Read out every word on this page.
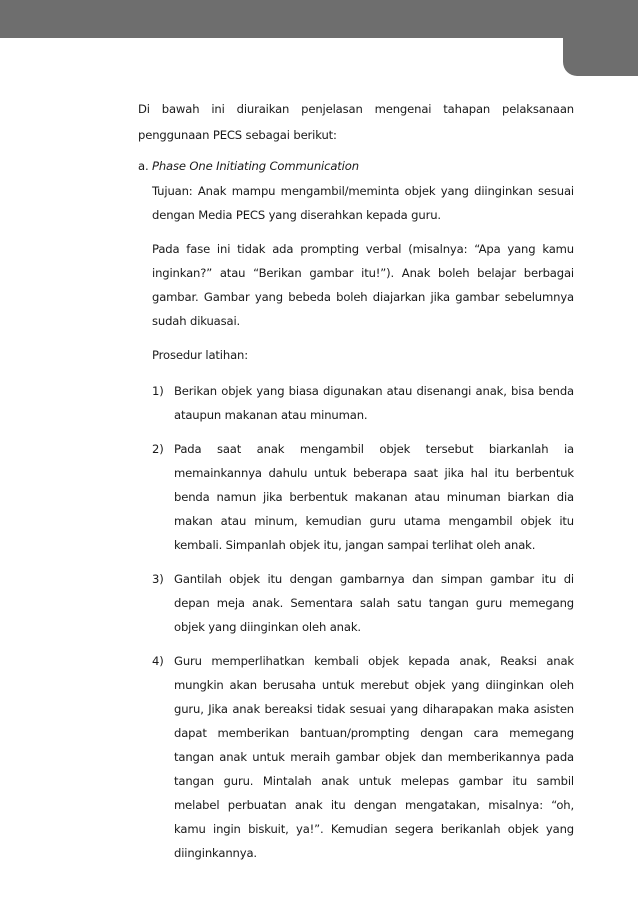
Di bawah ini diuraikan penjelasan mengenai tahapan pelaksanaan penggunaan PECS sebagai berikut:

a. Phase One Initiating Communication

Tujuan: Anak mampu mengambil/meminta objek yang diinginkan sesuai dengan Media PECS yang diserahkan kepada guru.

Pada fase ini tidak ada prompting verbal (misalnya: “Apa yang kamu inginkan?” atau “Berikan gambar itu!”). Anak boleh belajar berbagai gambar. Gambar yang bebeda boleh diajarkan jika gambar sebelumnya sudah dikuasai.

Prosedur latihan:

1) Berikan objek yang biasa digunakan atau disenangi anak, bisa benda ataupun makanan atau minuman.
2) Pada saat anak mengambil objek tersebut biarkanlah ia memainkannya dahulu untuk beberapa saat jika hal itu berbentuk benda namun jika berbentuk makanan atau minuman biarkan dia makan atau minum, kemudian guru utama mengambil objek itu kembali. Simpanlah objek itu, jangan sampai terlihat oleh anak.
3) Gantilah objek itu dengan gambarnya dan simpan gambar itu di depan meja anak. Sementara salah satu tangan guru memegang objek yang diinginkan oleh anak.
4) Guru memperlihatkan kembali objek kepada anak, Reaksi anak mungkin akan berusaha untuk merebut objek yang diinginkan oleh guru, Jika anak bereaksi tidak sesuai yang diharapakan maka asisten dapat memberikan bantuan/prompting dengan cara memegang tangan anak untuk meraih gambar objek dan memberikannya pada tangan guru. Mintalah anak untuk melepas gambar itu sambil melabel perbuatan anak itu dengan mengatakan, misalnya: “oh, kamu ingin biskuit, ya!”. Kemudian segera berikanlah objek yang diinginkannya.
